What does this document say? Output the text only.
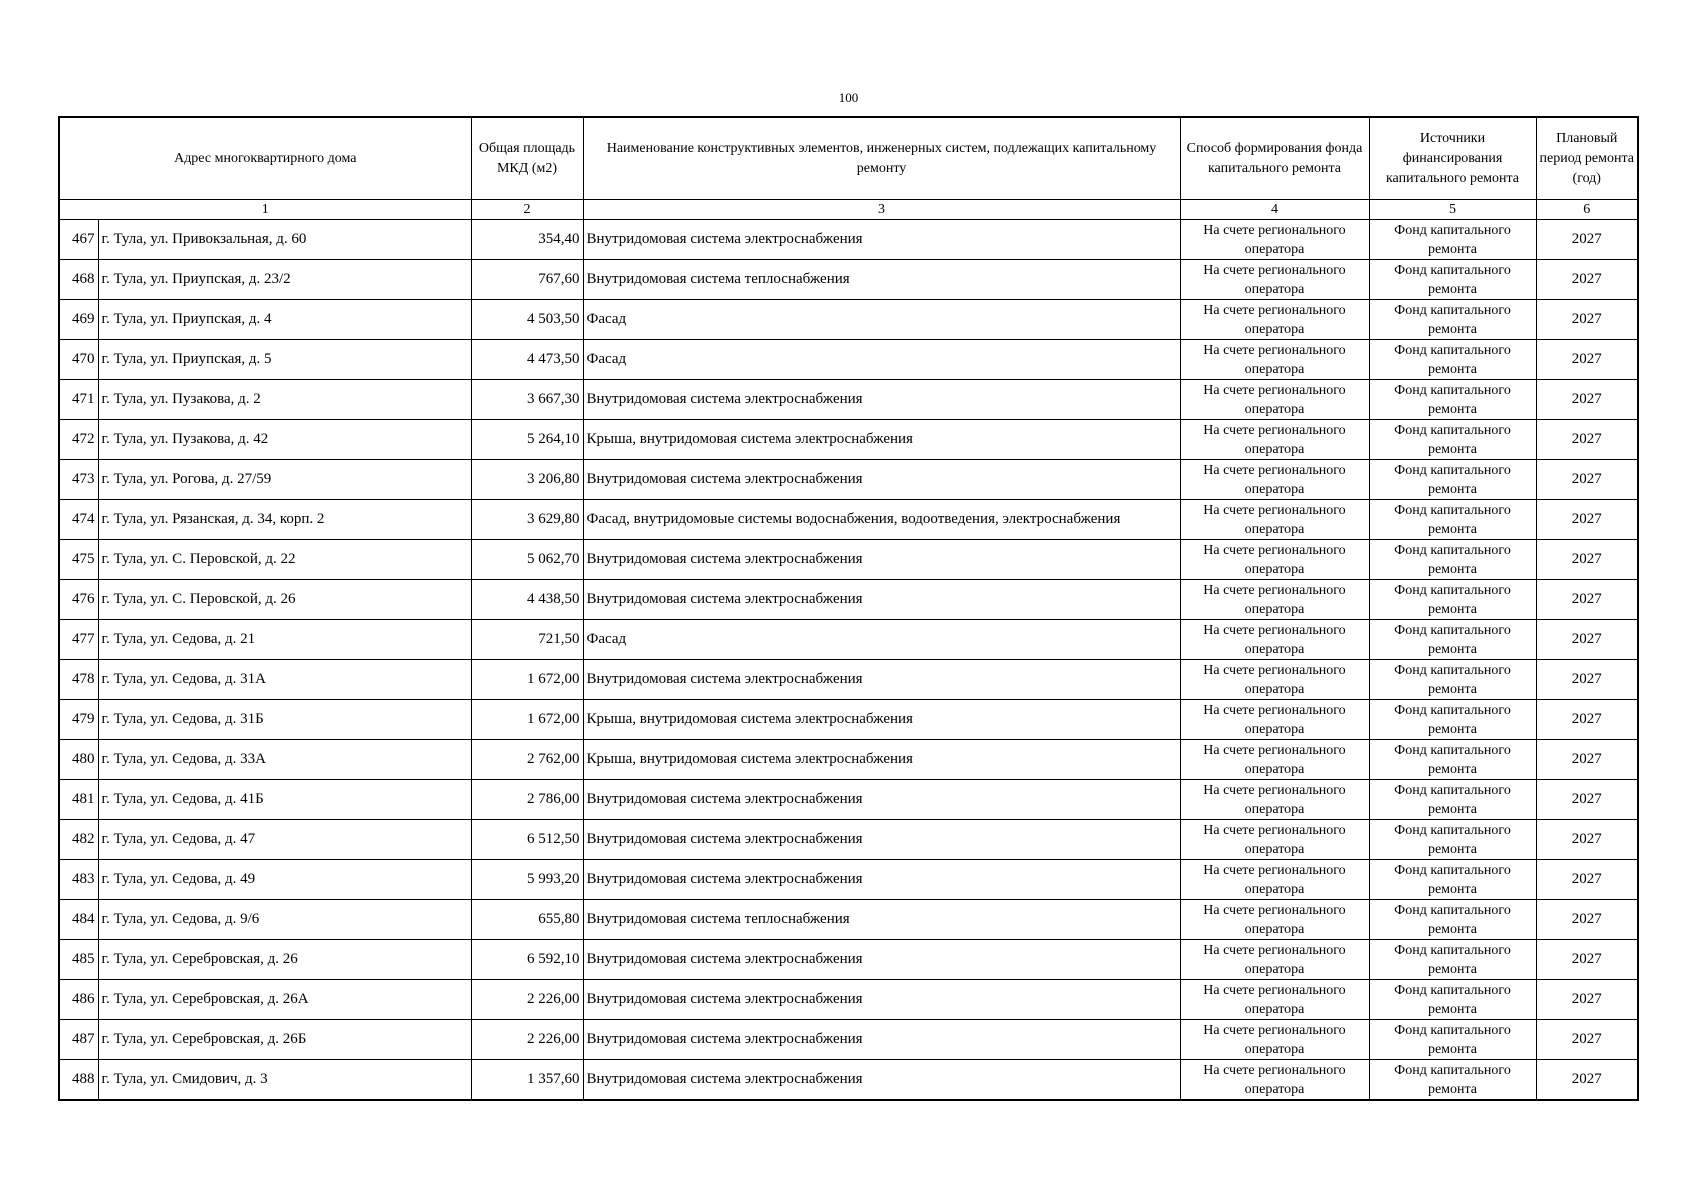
100
Адрес многоквартирного дома		Общая площадь МКД (м2)	Наименование конструктивных элементов, инженерных систем, подлежащих капитальному ремонту	Способ формирования фонда капитального ремонта	Источники финансирования капитального ремонта	Плановый период ремонта (год)
1		2	3	4	5	6
467	г. Тула, ул. Привокзальная, д. 60	354,40	Внутридомовая система электроснабжения	На счете регионального оператора	Фонд капитального ремонта	2027
468	г. Тула, ул. Приупская, д. 23/2	767,60	Внутридомовая система теплоснабжения	На счете регионального оператора	Фонд капитального ремонта	2027
469	г. Тула, ул. Приупская, д. 4	4 503,50	Фасад	На счете регионального оператора	Фонд капитального ремонта	2027
470	г. Тула, ул. Приупская, д. 5	4 473,50	Фасад	На счете регионального оператора	Фонд капитального ремонта	2027
471	г. Тула, ул. Пузакова, д. 2	3 667,30	Внутридомовая система электроснабжения	На счете регионального оператора	Фонд капитального ремонта	2027
472	г. Тула, ул. Пузакова, д. 42	5 264,10	Крыша, внутридомовая система электроснабжения	На счете регионального оператора	Фонд капитального ремонта	2027
473	г. Тула, ул. Рогова, д. 27/59	3 206,80	Внутридомовая система электроснабжения	На счете регионального оператора	Фонд капитального ремонта	2027
474	г. Тула, ул. Рязанская, д. 34, корп. 2	3 629,80	Фасад, внутридомовые системы водоснабжения, водоотведения, электроснабжения	На счете регионального оператора	Фонд капитального ремонта	2027
475	г. Тула, ул. С. Перовской, д. 22	5 062,70	Внутридомовая система электроснабжения	На счете регионального оператора	Фонд капитального ремонта	2027
476	г. Тула, ул. С. Перовской, д. 26	4 438,50	Внутридомовая система электроснабжения	На счете регионального оператора	Фонд капитального ремонта	2027
477	г. Тула, ул. Седова, д. 21	721,50	Фасад	На счете регионального оператора	Фонд капитального ремонта	2027
478	г. Тула, ул. Седова, д. 31А	1 672,00	Внутридомовая система электроснабжения	На счете регионального оператора	Фонд капитального ремонта	2027
479	г. Тула, ул. Седова, д. 31Б	1 672,00	Крыша, внутридомовая система электроснабжения	На счете регионального оператора	Фонд капитального ремонта	2027
480	г. Тула, ул. Седова, д. 33А	2 762,00	Крыша, внутридомовая система электроснабжения	На счете регионального оператора	Фонд капитального ремонта	2027
481	г. Тула, ул. Седова, д. 41Б	2 786,00	Внутридомовая система электроснабжения	На счете регионального оператора	Фонд капитального ремонта	2027
482	г. Тула, ул. Седова, д. 47	6 512,50	Внутридомовая система электроснабжения	На счете регионального оператора	Фонд капитального ремонта	2027
483	г. Тула, ул. Седова, д. 49	5 993,20	Внутридомовая система электроснабжения	На счете регионального оператора	Фонд капитального ремонта	2027
484	г. Тула, ул. Седова, д. 9/6	655,80	Внутридомовая система теплоснабжения	На счете регионального оператора	Фонд капитального ремонта	2027
485	г. Тула, ул. Серебровская, д. 26	6 592,10	Внутридомовая система электроснабжения	На счете регионального оператора	Фонд капитального ремонта	2027
486	г. Тула, ул. Серебровская, д. 26А	2 226,00	Внутридомовая система электроснабжения	На счете регионального оператора	Фонд капитального ремонта	2027
487	г. Тула, ул. Серебровская, д. 26Б	2 226,00	Внутридомовая система электроснабжения	На счете регионального оператора	Фонд капитального ремонта	2027
488	г. Тула, ул. Смидович, д. 3	1 357,60	Внутридомовая система электроснабжения	На счете регионального оператора	Фонд капитального ремонта	2027
